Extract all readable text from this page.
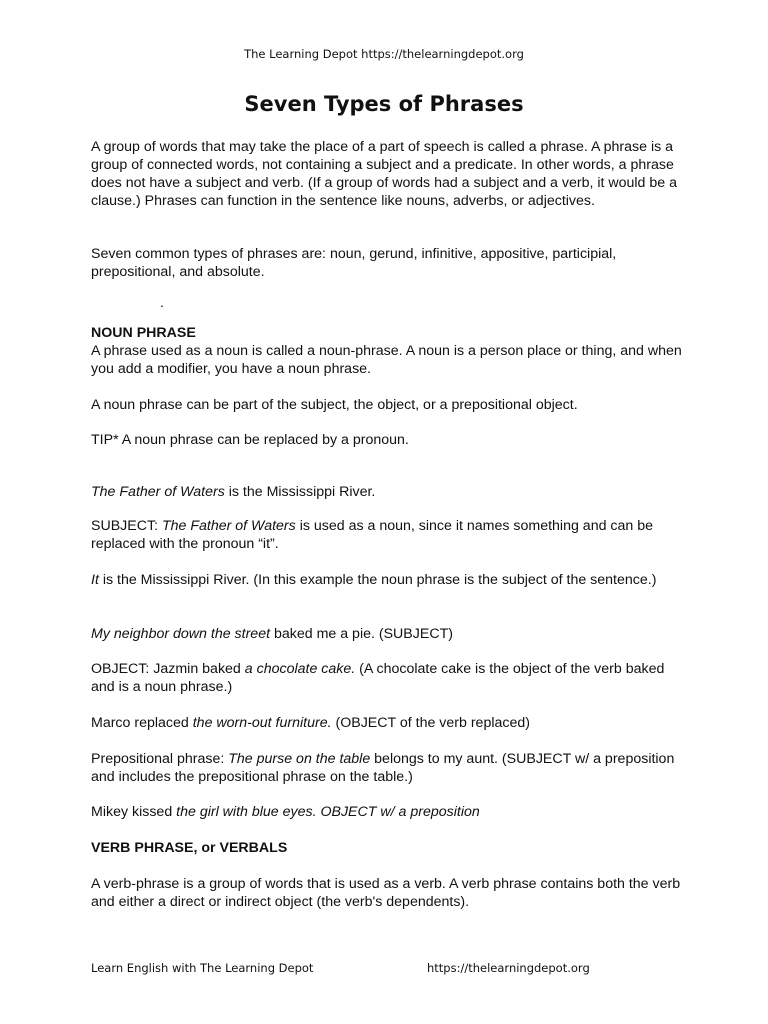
The Learning Depot https://thelearningdepot.org
Seven Types of Phrases

A group of words that may take the place of a part of speech is called a phrase. A phrase is a group of connected words, not containing a subject and a predicate. In other words, a phrase does not have a subject and verb. (If a group of words had a subject and a verb, it would be a clause.) Phrases can function in the sentence like nouns, adverbs, or adjectives.

Seven common types of phrases are: noun, gerund, infinitive, appositive, participial, prepositional, and absolute.

.

NOUN PHRASE

A phrase used as a noun is called a noun-phrase. A noun is a person place or thing, and when you add a modifier, you have a noun phrase.

A noun phrase can be part of the subject, the object, or a prepositional object.

TIP* A noun phrase can be replaced by a pronoun.

The Father of Waters is the Mississippi River.

SUBJECT: The Father of Waters is used as a noun, since it names something and can be replaced with the pronoun “it”.

It is the Mississippi River. (In this example the noun phrase is the subject of the sentence.)

My neighbor down the street baked me a pie. (SUBJECT)

OBJECT: Jazmin baked a chocolate cake. (A chocolate cake is the object of the verb baked and is a noun phrase.)

Marco replaced the worn-out furniture. (OBJECT of the verb replaced)

Prepositional phrase: The purse on the table belongs to my aunt. (SUBJECT w/ a preposition and includes the prepositional phrase on the table.)

Mikey kissed the girl with blue eyes. OBJECT w/ a preposition

VERB PHRASE, or VERBALS

A verb-phrase is a group of words that is used as a verb. A verb phrase contains both the verb and either a direct or indirect object (the verb's dependents).

Learn English with The Learning Depot	https://thelearningdepot.org
